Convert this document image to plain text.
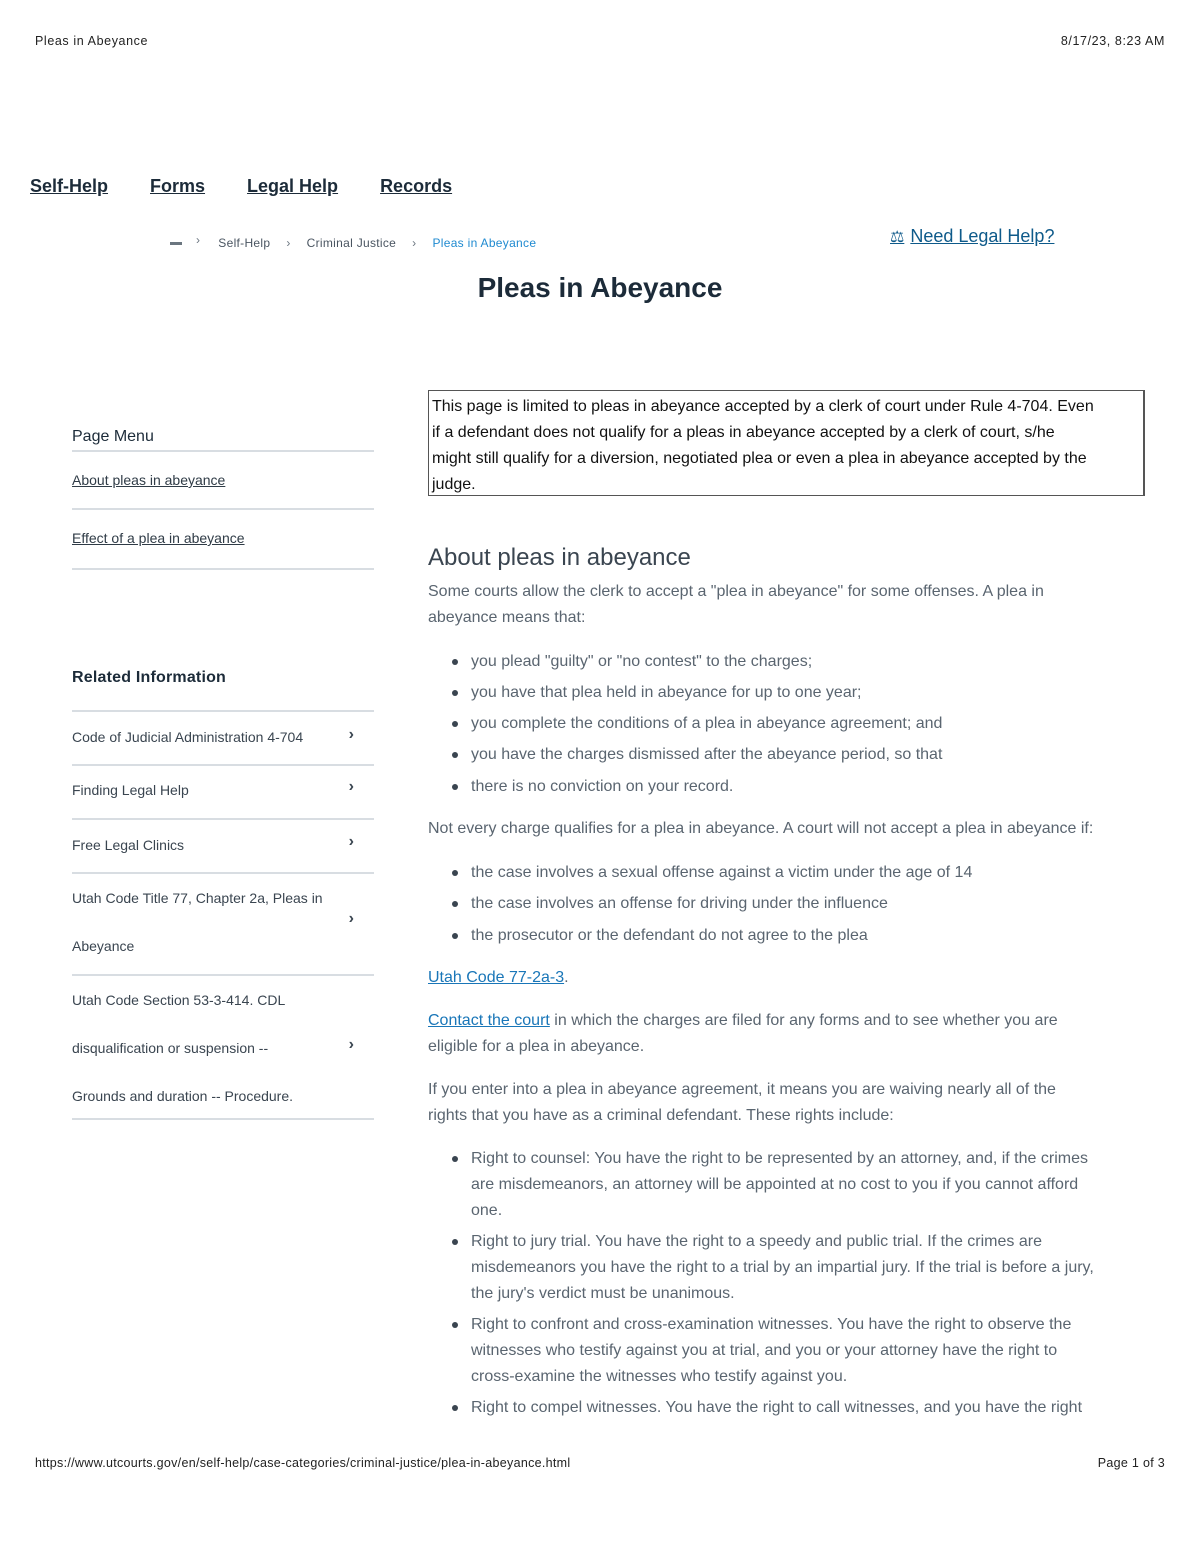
Pleas in Abeyance	8/17/23, 8:23 AM
Self-Help Forms Legal Help Records
› Self-Help › Criminal Justice › Pleas in Abeyance	⚖ Need Legal Help?
Pleas in Abeyance
Page Menu
About pleas in abeyance
Effect of a plea in abeyance
Related Information
Code of Judicial Administration 4-704	›
Finding Legal Help	›
Free Legal Clinics	›
Utah Code Title 77, Chapter 2a, Pleas in
Abeyance
›
Utah Code Section 53-3-414. CDL
disqualification or suspension --
Grounds and duration -- Procedure.
›
This page is limited to pleas in abeyance accepted by a clerk of court under Rule 4-704. Even
if a defendant does not qualify for a pleas in abeyance accepted by a clerk of court, s/he
might still qualify for a diversion, negotiated plea or even a plea in abeyance accepted by the
judge.
About pleas in abeyance

Some courts allow the clerk to accept a "plea in abeyance" for some offenses. A plea in
abeyance means that:

you plead "guilty" or "no contest" to the charges;
you have that plea held in abeyance for up to one year;
you complete the conditions of a plea in abeyance agreement; and
you have the charges dismissed after the abeyance period, so that
there is no conviction on your record.

Not every charge qualifies for a plea in abeyance. A court will not accept a plea in abeyance if:

the case involves a sexual offense against a victim under the age of 14
the case involves an offense for driving under the influence
the prosecutor or the defendant do not agree to the plea

Utah Code 77-2a-3.

Contact the court in which the charges are filed for any forms and to see whether you are
eligible for a plea in abeyance.

If you enter into a plea in abeyance agreement, it means you are waiving nearly all of the
rights that you have as a criminal defendant. These rights include:

Right to counsel: You have the right to be represented by an attorney, and, if the crimes
are misdemeanors, an attorney will be appointed at no cost to you if you cannot afford
one.
Right to jury trial. You have the right to a speedy and public trial. If the crimes are
misdemeanors you have the right to a trial by an impartial jury. If the trial is before a jury,
the jury's verdict must be unanimous.
Right to confront and cross-examination witnesses. You have the right to observe the
witnesses who testify against you at trial, and you or your attorney have the right to
cross-examine the witnesses who testify against you.
Right to compel witnesses. You have the right to call witnesses, and you have the right
https://www.utcourts.gov/en/self-help/case-categories/criminal-justice/plea-in-abeyance.html	Page 1 of 3
